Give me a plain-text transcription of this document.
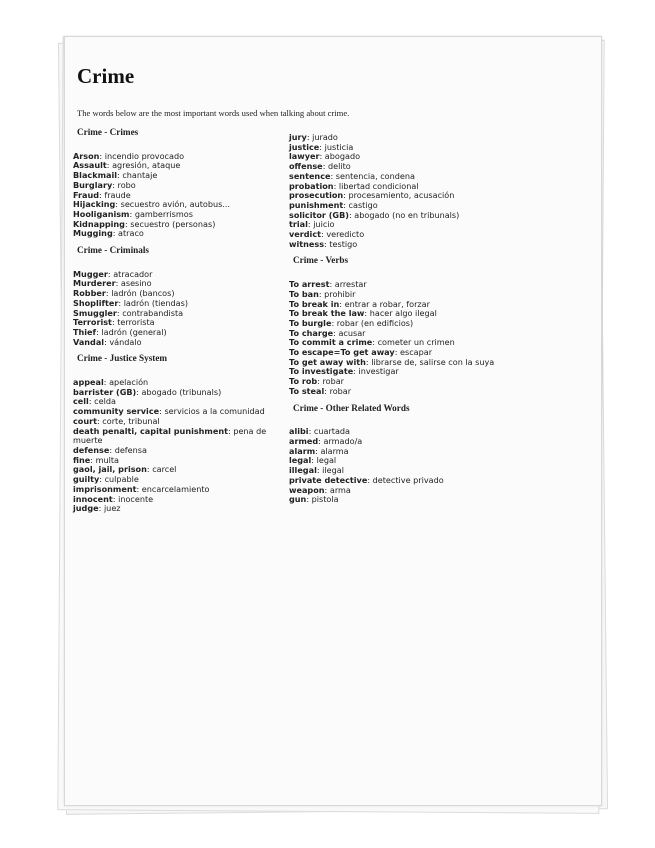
Crime
The words below are the most important words used when talking about crime.
Crime - Crimes
Arson: incendio provocado
Assault: agresión, ataque
Blackmail: chantaje
Burglary: robo
Fraud: fraude
Hijacking: secuestro avión, autobus...
Hooliganism: gamberrismos
Kidnapping: secuestro (personas)
Mugging: atraco
Crime - Criminals
Mugger: atracador
Murderer: asesino
Robber: ladrón (bancos)
Shoplifter: ladrón (tiendas)
Smuggler: contrabandista
Terrorist: terrorista
Thief: ladrón (general)
Vandal: vándalo
Crime - Justice System
appeal: apelación
barrister (GB): abogado (tribunals)
cell: celda
community service: servicios a la comunidad
court: corte, tribunal
death penalti, capital punishment: pena de muerte
defense: defensa
fine: multa
gaol, jail, prison: carcel
guilty: culpable
imprisonment: encarcelamiento
innocent: inocente
judge: juez
jury: jurado
justice: justicia
lawyer: abogado
offense: delito
sentence: sentencia, condena
probation: libertad condicional
prosecution: procesamiento, acusación
punishment: castigo
solicitor (GB): abogado (no en tribunals)
trial: juicio
verdict: veredicto
witness: testigo
Crime - Verbs
To arrest: arrestar
To ban: prohibir
To break in: entrar a robar, forzar
To break the law: hacer algo ilegal
To burgle: robar (en edificios)
To charge: acusar
To commit a crime: cometer un crimen
To escape=To get away: escapar
To get away with: librarse de, salirse con la suya
To investigate: investigar
To rob: robar
To steal: robar
Crime - Other Related Words
alibi: cuartada
armed: armado/a
alarm: alarma
legal: legal
illegal: ilegal
private detective: detective privado
weapon: arma
gun: pistola
